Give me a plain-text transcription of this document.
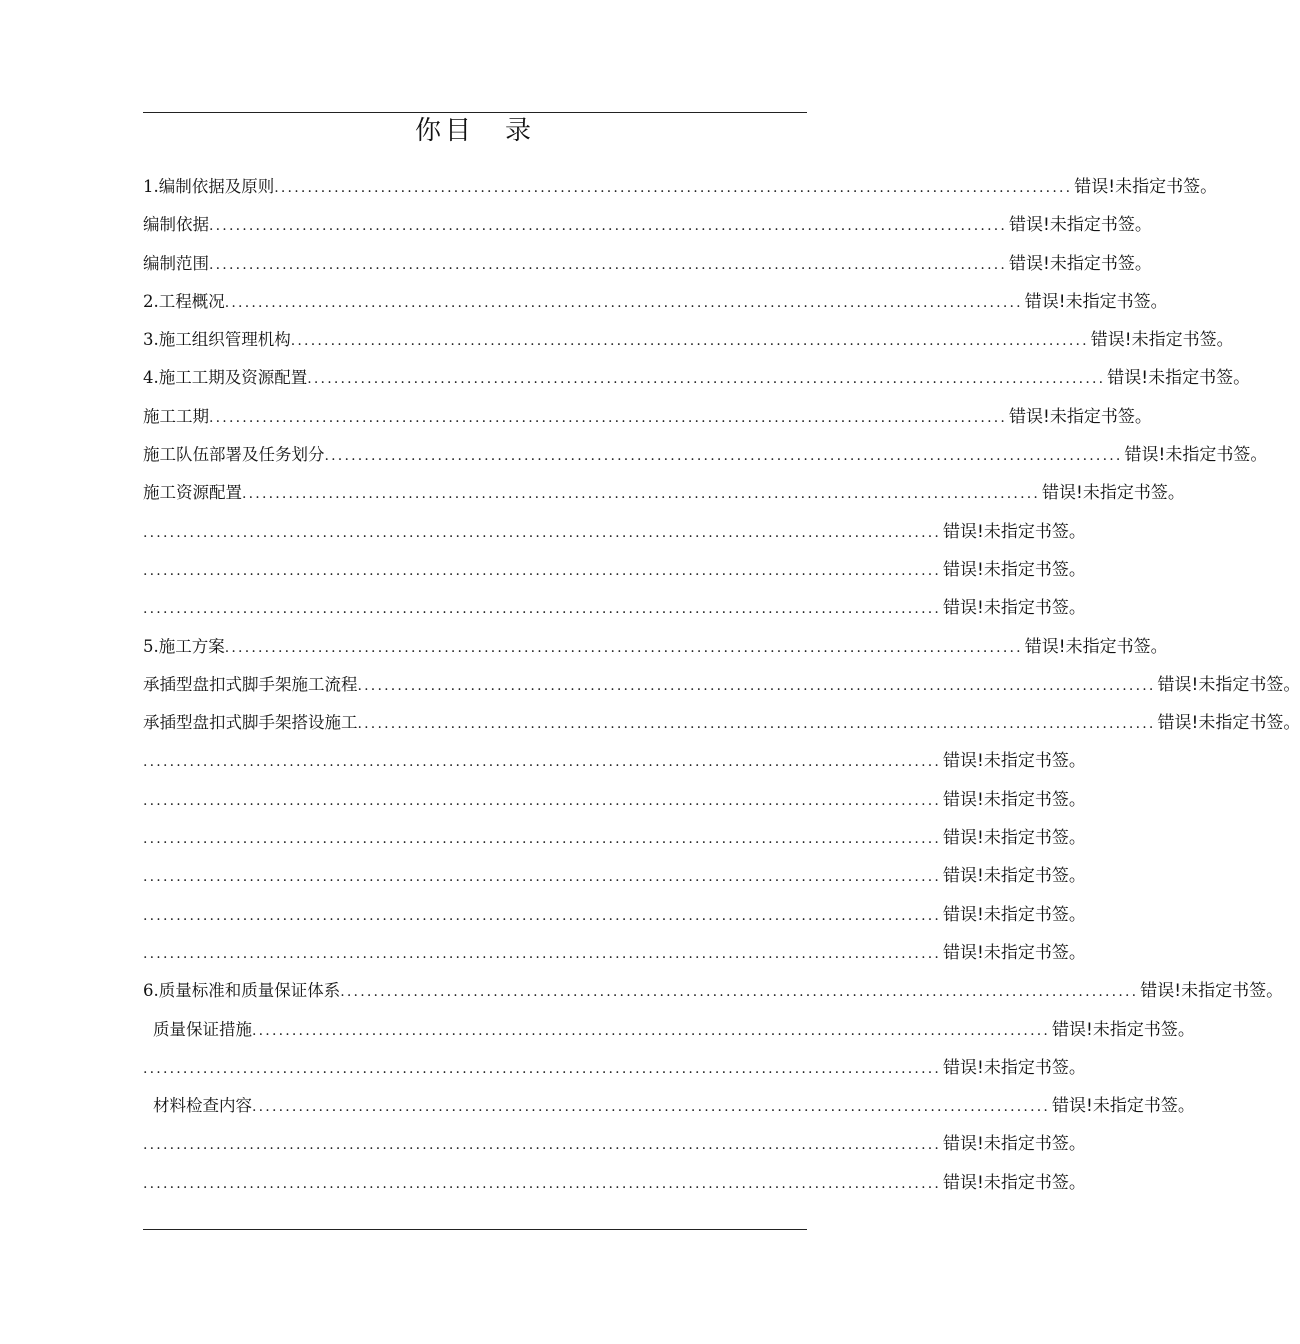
你目　录
1.编制依据及原则 ........................................................................................................................ 错误!未指定书签。
编制依据 ........................................................................................................................ 错误!未指定书签。
编制范围 ........................................................................................................................ 错误!未指定书签。
2.工程概况 ........................................................................................................................ 错误!未指定书签。
3.施工组织管理机构 ........................................................................................................................ 错误!未指定书签。
4.施工工期及资源配置 ........................................................................................................................ 错误!未指定书签。
施工工期 ........................................................................................................................ 错误!未指定书签。
施工队伍部署及任务划分 ........................................................................................................................ 错误!未指定书签。
施工资源配置 ........................................................................................................................ 错误!未指定书签。
........................................................................................................................ 错误!未指定书签。
........................................................................................................................ 错误!未指定书签。
........................................................................................................................ 错误!未指定书签。
5.施工方案 ........................................................................................................................ 错误!未指定书签。
承插型盘扣式脚手架施工流程 ........................................................................................................................ 错误!未指定书签。
承插型盘扣式脚手架搭设施工 ........................................................................................................................ 错误!未指定书签。
........................................................................................................................ 错误!未指定书签。
........................................................................................................................ 错误!未指定书签。
........................................................................................................................ 错误!未指定书签。
........................................................................................................................ 错误!未指定书签。
........................................................................................................................ 错误!未指定书签。
........................................................................................................................ 错误!未指定书签。
6.质量标准和质量保证体系 ........................................................................................................................ 错误!未指定书签。
质量保证措施 ........................................................................................................................ 错误!未指定书签。
........................................................................................................................ 错误!未指定书签。
材料检查内容 ........................................................................................................................ 错误!未指定书签。
........................................................................................................................ 错误!未指定书签。
........................................................................................................................ 错误!未指定书签。
